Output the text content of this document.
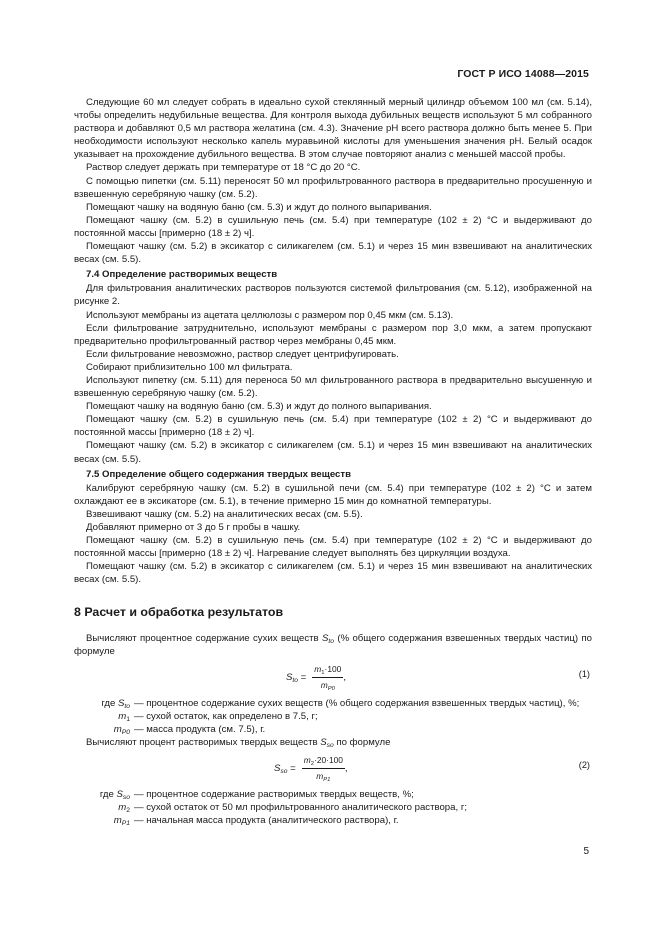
ГОСТ Р ИСО 14088—2015

Следующие 60 мл следует собрать в идеально сухой стеклянный мерный цилиндр объемом 100 мл (см. 5.14), чтобы определить недубильные вещества. Для контроля выхода дубильных веществ используют 5 мл собранного раствора и добавляют 0,5 мл раствора желатина (см. 4.3). Значение рН всего раствора должно быть менее 5. При необходимости используют несколько капель муравьиной кислоты для уменьшения значения рН. Белый осадок указывает на прохождение дубильного вещества. В этом случае повторяют анализ с меньшей массой пробы.

Раствор следует держать при температуре от 18 °С до 20 °С.

С помощью пипетки (см. 5.11) переносят 50 мл профильтрованного раствора в предварительно просушенную и взвешенную серебряную чашку (см. 5.2).

Помещают чашку на водяную баню (см. 5.3) и ждут до полного выпаривания.

Помещают чашку (см. 5.2) в сушильную печь (см. 5.4) при температуре (102 ± 2) °С и выдерживают до постоянной массы [примерно (18 ± 2) ч].

Помещают чашку (см. 5.2) в эксикатор с силикагелем (см. 5.1) и через 15 мин взвешивают на аналитических весах (см. 5.5).

7.4 Определение растворимых веществ

Для фильтрования аналитических растворов пользуются системой фильтрования (см. 5.12), изображенной на рисунке 2.

Используют мембраны из ацетата целлюлозы с размером пор 0,45 мкм (см. 5.13).

Если фильтрование затруднительно, используют мембраны с размером пор 3,0 мкм, а затем пропускают предварительно профильтрованный раствор через мембраны 0,45 мкм.

Если фильтрование невозможно, раствор следует центрифугировать.

Собирают приблизительно 100 мл фильтрата.

Используют пипетку (см. 5.11) для переноса 50 мл фильтрованного раствора в предварительно высушенную и взвешенную серебряную чашку (см. 5.2).

Помещают чашку на водяную баню (см. 5.3) и ждут до полного выпаривания.

Помещают чашку (см. 5.2) в сушильную печь (см. 5.4) при температуре (102 ± 2) °С и выдерживают до постоянной массы [примерно (18 ± 2) ч].

Помещают чашку (см. 5.2) в эксикатор с силикагелем (см. 5.1) и через 15 мин взвешивают на аналитических весах (см. 5.5).

7.5 Определение общего содержания твердых веществ

Калибруют серебряную чашку (см. 5.2) в сушильной печи (см. 5.4) при температуре (102 ± 2) °С и затем охлаждают ее в эксикаторе (см. 5.1), в течение примерно 15 мин до комнатной температуры.

Взвешивают чашку (см. 5.2) на аналитических весах (см. 5.5).

Добавляют примерно от 3 до 5 г пробы в чашку.

Помещают чашку (см. 5.2) в сушильную печь (см. 5.4) при температуре (102 ± 2) °С и выдерживают до постоянной массы [примерно (18 ± 2) ч]. Нагревание следует выполнять без циркуляции воздуха.

Помещают чашку (см. 5.2) в эксикатор с силикагелем (см. 5.1) и через 15 мин взвешивают на аналитических весах (см. 5.5).

8 Расчет и обработка результатов

Вычисляют процентное содержание сухих веществ $S_{to}$ (% общего содержания взвешенных твердых частиц) по формуле

$S_{to} = \frac{m_1\cdot 100}{m_{P0}}$ ,	(1)
где $S_{to}$ — процентное содержание сухих веществ (% общего содержания взвешенных твердых частиц), %;
$m_1$ — сухой остаток, как определено в 7.5, г;
$m_{P0}$ — масса продукта (см. 7.5), г.

Вычисляют процент растворимых твердых веществ $S_{so}$ по формуле

$S_{so} = \frac{m_2\cdot 20\cdot 100}{m_{P1}}$ ,	(2)
где $S_{so}$ — процентное содержание растворимых твердых веществ, %;
$m_2$ — сухой остаток от 50 мл профильтрованного аналитического раствора, г;
$m_{P1}$ — начальная масса продукта (аналитического раствора), г.
5
